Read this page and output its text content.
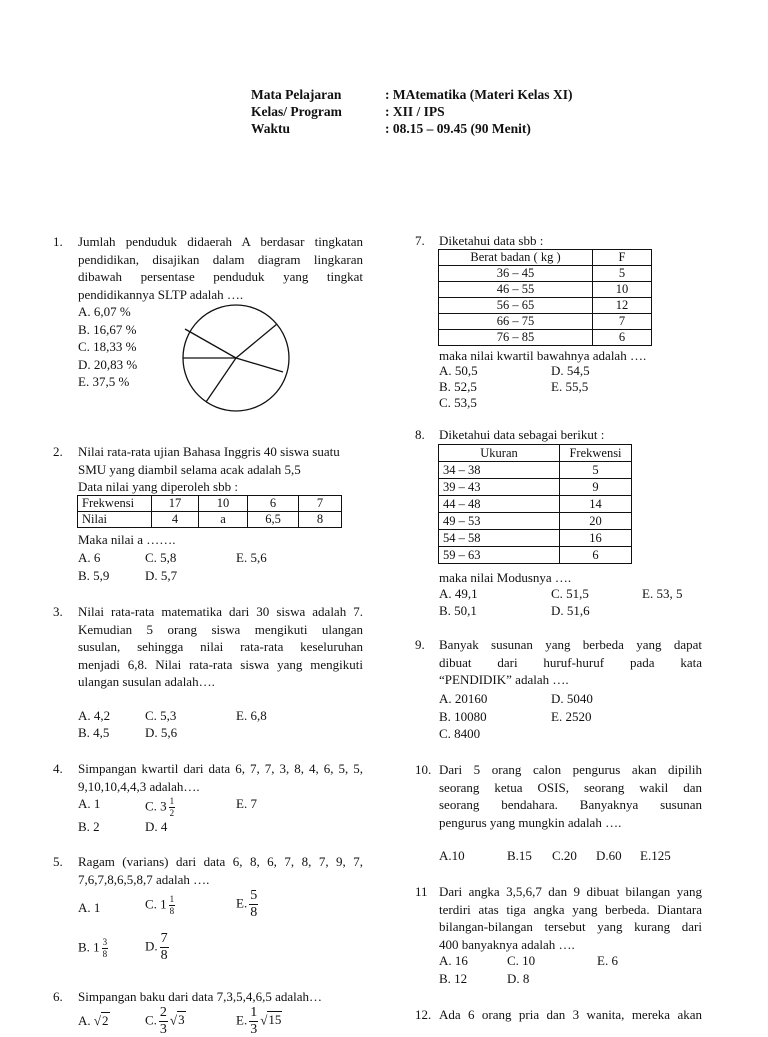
Mata Pelajaran	: MAtematika (Materi Kelas XI)
Kelas/ Program	: XII / IPS
Waktu	: 08.15 – 09.45 (90 Menit)
1. Jumlah penduduk didaerah A berdasar tingkatan
pendidikan, disajikan dalam diagram lingkaran
dibawah persentase penduduk yang tingkat
pendidikannya SLTP adalah ….
A. 6,07 %
B. 16,67 %
C. 18,33 %
D. 20,83 %
E. 37,5 %
2. Nilai rata-rata ujian Bahasa Inggris 40 siswa suatu
SMU yang diambil selama acak adalah 5,5
Data nilai yang diperoleh sbb :
Frekwensi	17	10	6	7
Nilai	4	a	6,5	8
Maka nilai a …….
A. 6	C. 5,8	E. 5,6
B. 5,9	D. 5,7
3. Nilai rata-rata matematika dari 30 siswa adalah 7.
Kemudian 5 orang siswa mengikuti ulangan
susulan, sehingga nilai rata-rata keseluruhan
menjadi 6,8. Nilai rata-rata siswa yang mengikuti
ulangan susulan adalah….
A. 4,2	C. 5,3	E. 6,8
B. 4,5	D. 5,6
4. Simpangan kwartil dari data 6, 7, 7, 3, 8, 4, 6, 5, 5,
9,10,10,4,4,3 adalah….
A. 1	C. $3 \frac{1}{2}$	E. 7
B. 2	D. 4
5. Ragam (varians) dari data 6, 8, 6, 7, 8, 7, 9, 7,
7,6,7,8,6,5,8,7 adalah ….
A. 1	C. $1 \frac{1}{8}$	E. $\frac{5}{8}$
B. $1 \frac{3}{8}$	D. $\frac{7}{8}$
6. Simpangan baku dari data 7,3,5,4,6,5 adalah…
A. √2	C. $\frac{2}{3} √3$	E. $\frac{1}{3} √15$
7. Diketahui data sbb :
Berat badan ( kg )	F
36 – 45	5
46 – 55	10
56 – 65	12
66 – 75	7
76 – 85	6
maka nilai kwartil bawahnya adalah ….
A. 50,5	D. 54,5
B. 52,5	E. 55,5
C. 53,5
8. Diketahui data sebagai berikut :
Ukuran	Frekwensi
34 – 38	5
39 – 43	9
44 – 48	14
49 – 53	20
54 – 58	16
59 – 63	6
maka nilai Modusnya ….
A. 49,1	C. 51,5	E. 53, 5
B. 50,1	D. 51,6
9. Banyak susunan yang berbeda yang dapat
dibuat dari huruf-huruf pada kata
“PENDIDIK” adalah ….
A. 20160	D. 5040
B. 10080	E. 2520
C. 8400
10. Dari 5 orang calon pengurus akan dipilih
seorang ketua OSIS, seorang wakil dan
seorang bendahara. Banyaknya susunan
pengurus yang mungkin adalah ….
A.10	B.15 C.20 D.60 E.125
11 Dari angka 3,5,6,7 dan 9 dibuat bilangan yang
terdiri atas tiga angka yang berbeda. Diantara
bilangan-bilangan tersebut yang kurang dari
400 banyaknya adalah ….
A. 16	C. 10	E. 6
B. 12	D. 8
12. Ada 6 orang pria dan 3 wanita, mereka akan
